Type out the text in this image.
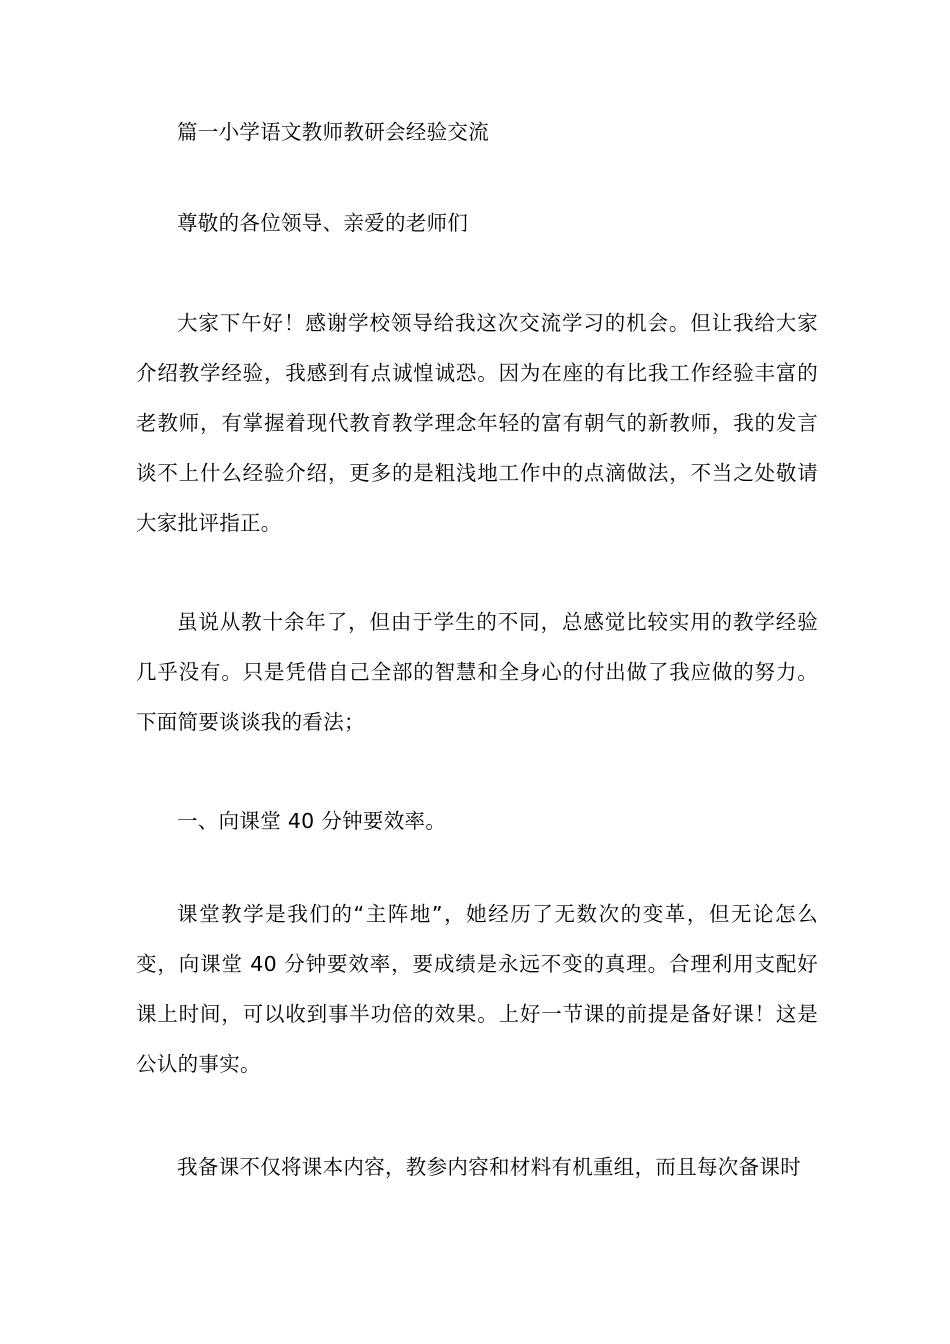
篇一小学语文教师教研会经验交流

尊敬的各位领导、亲爱的老师们

大家下午好！感谢学校领导给我这次交流学习的机会。但让我给大家介绍教学经验，我感到有点诚惶诚恐。因为在座的有比我工作经验丰富的老教师，有掌握着现代教育教学理念年轻的富有朝气的新教师，我的发言谈不上什么经验介绍，更多的是粗浅地工作中的点滴做法，不当之处敬请大家批评指正。

虽说从教十余年了，但由于学生的不同，总感觉比较实用的教学经验几乎没有。只是凭借自己全部的智慧和全身心的付出做了我应做的努力。下面简要谈谈我的看法；

一、向课堂 40 分钟要效率。

课堂教学是我们的“主阵地”，她经历了无数次的变革，但无论怎么变，向课堂 40 分钟要效率，要成绩是永远不变的真理。合理利用支配好课上时间，可以收到事半功倍的效果。上好一节课的前提是备好课！这是公认的事实。

我备课不仅将课本内容，教参内容和材料有机重组，而且每次备课时
